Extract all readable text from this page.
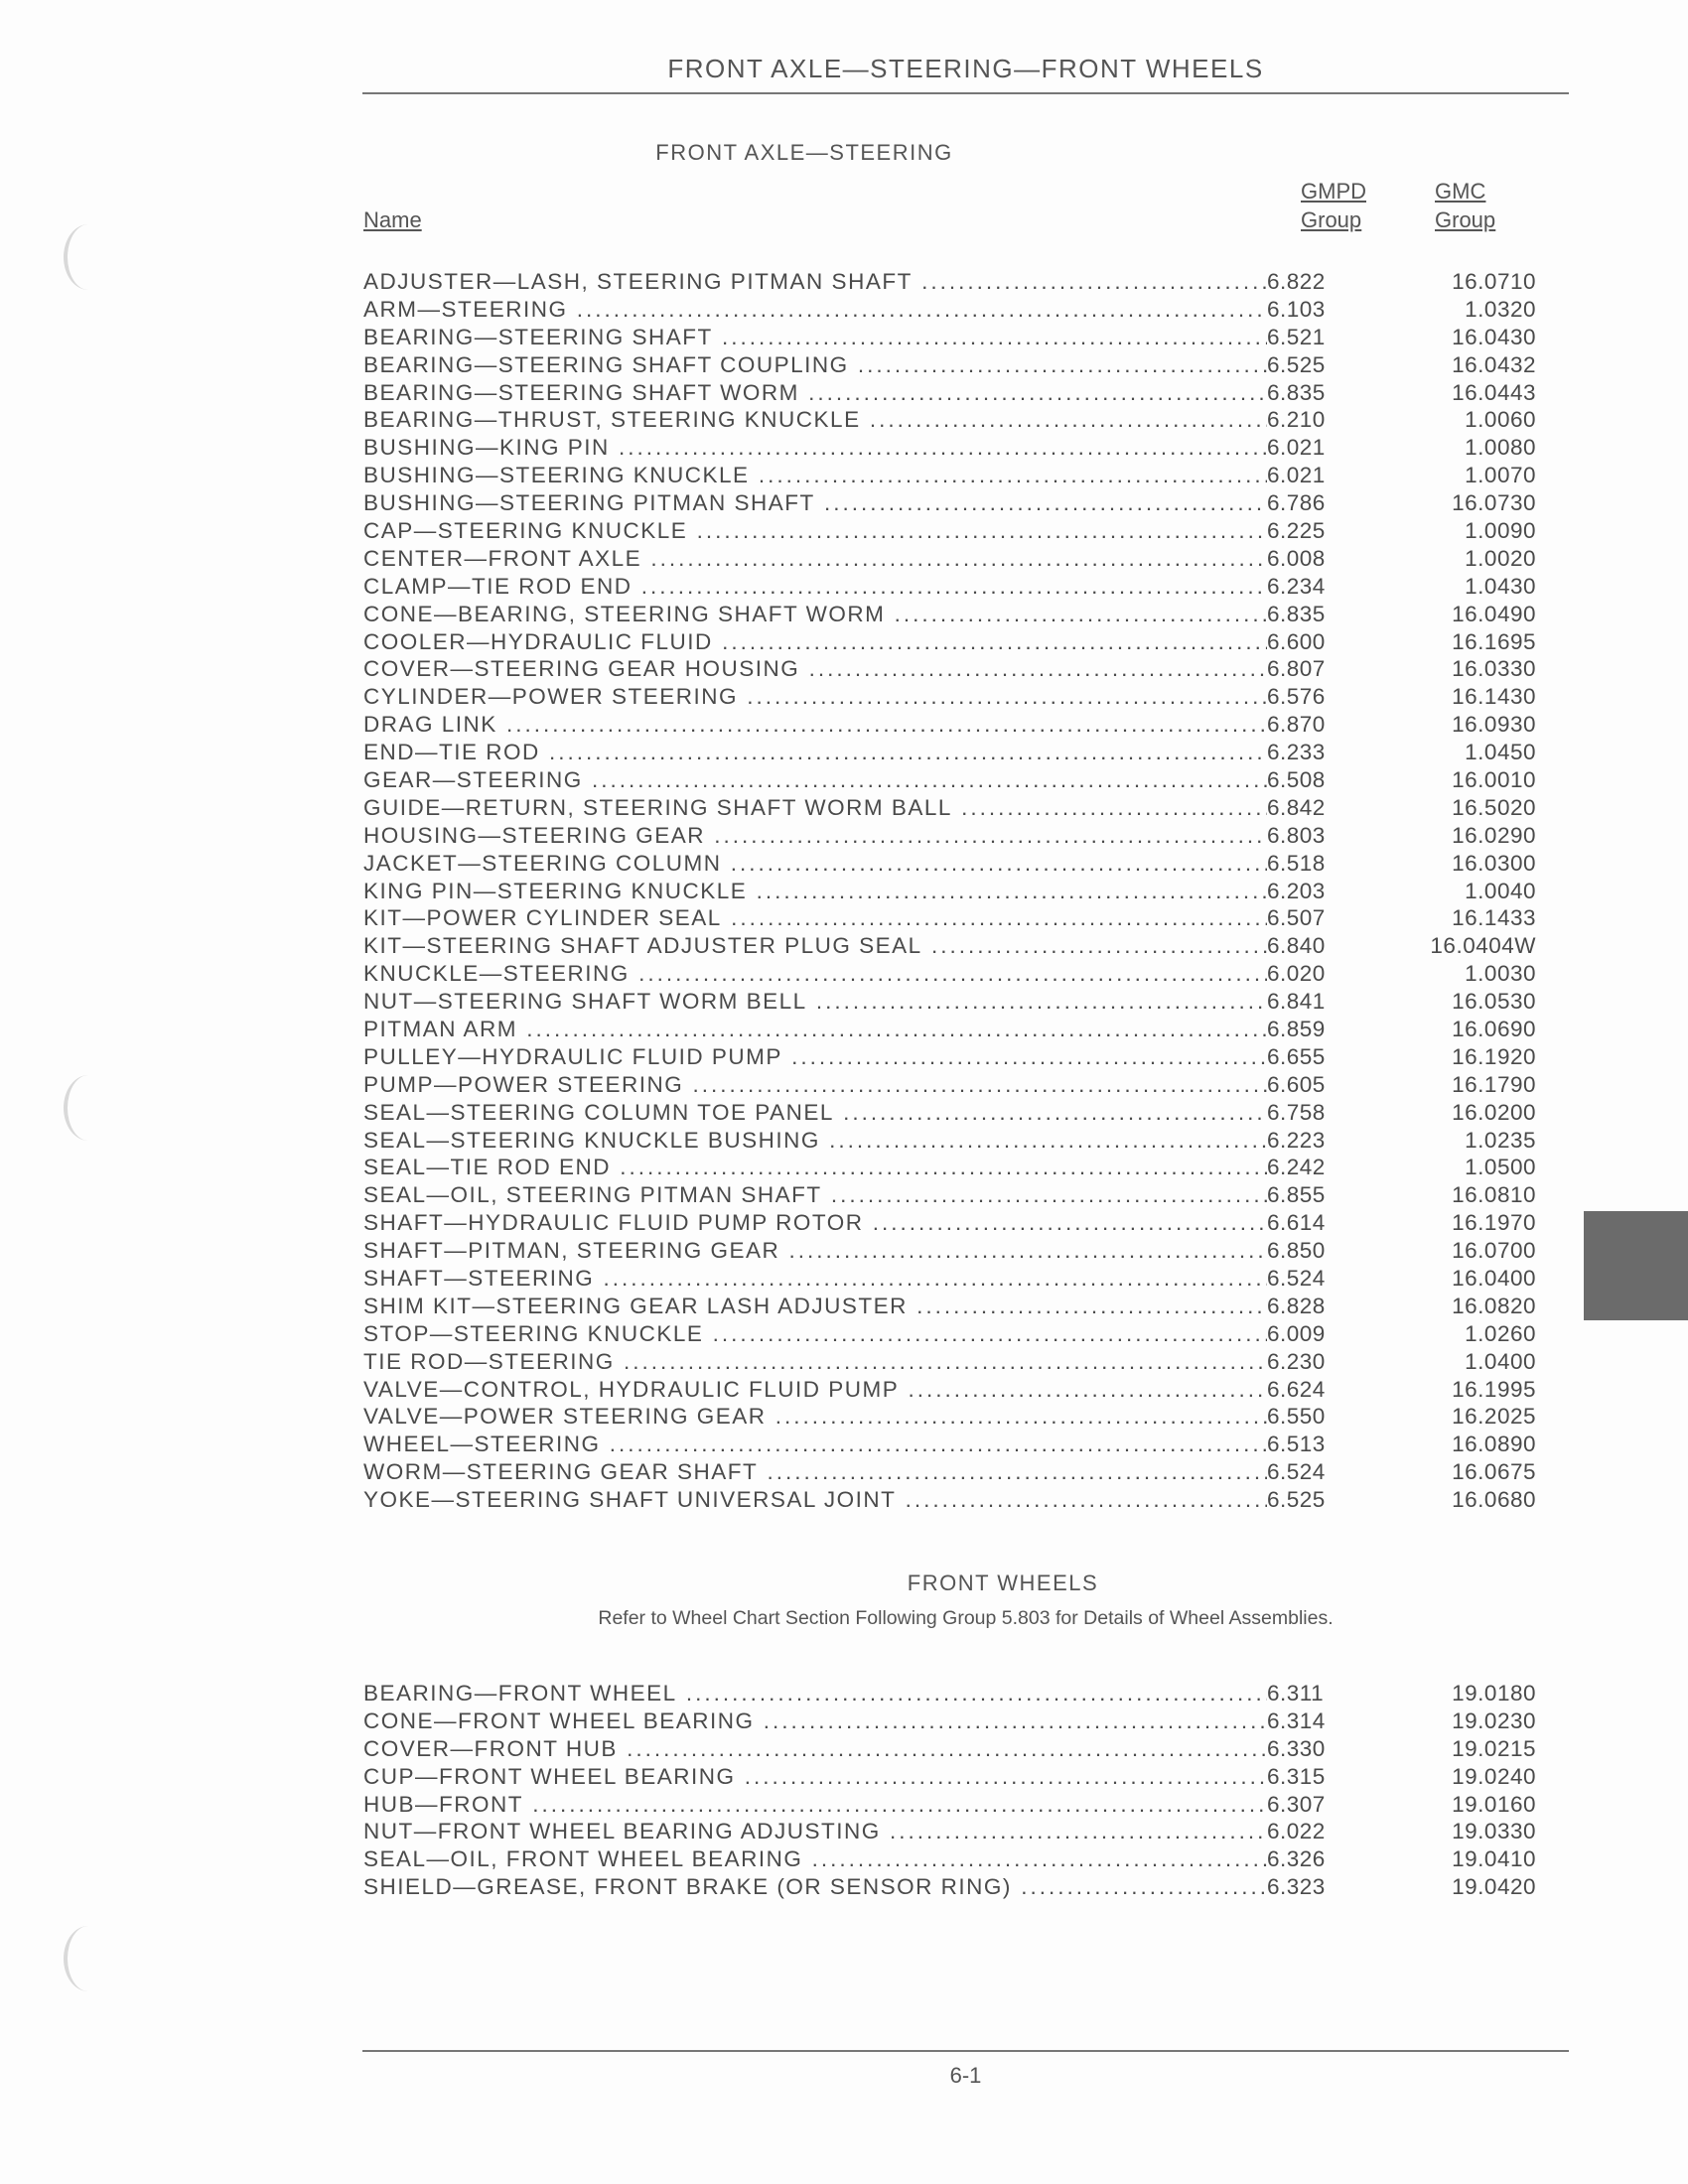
FRONT AXLE—STEERING—FRONT WHEELS
FRONT AXLE—STEERING
Name
GMPD
Group
GMC
Group
ADJUSTER—LASH, STEERING PITMAN SHAFT .....	6.822	16.0710
ARM—STEERING .....	6.103	1.0320
BEARING—STEERING SHAFT .....	6.521	16.0430
BEARING—STEERING SHAFT COUPLING .....	6.525	16.0432
BEARING—STEERING SHAFT WORM .....	6.835	16.0443
BEARING—THRUST, STEERING KNUCKLE .....	6.210	1.0060
BUSHING—KING PIN .....	6.021	1.0080
BUSHING—STEERING KNUCKLE .....	6.021	1.0070
BUSHING—STEERING PITMAN SHAFT .....	6.786	16.0730
CAP—STEERING KNUCKLE .....	6.225	1.0090
CENTER—FRONT AXLE .....	6.008	1.0020
CLAMP—TIE ROD END .....	6.234	1.0430
CONE—BEARING, STEERING SHAFT WORM .....	6.835	16.0490
COOLER—HYDRAULIC FLUID .....	6.600	16.1695
COVER—STEERING GEAR HOUSING .....	6.807	16.0330
CYLINDER—POWER STEERING .....	6.576	16.1430
DRAG LINK .....	6.870	16.0930
END—TIE ROD .....	6.233	1.0450
GEAR—STEERING .....	6.508	16.0010
GUIDE—RETURN, STEERING SHAFT WORM BALL .....	6.842	16.5020
HOUSING—STEERING GEAR .....	6.803	16.0290
JACKET—STEERING COLUMN .....	6.518	16.0300
KING PIN—STEERING KNUCKLE .....	6.203	1.0040
KIT—POWER CYLINDER SEAL .....	6.507	16.1433
KIT—STEERING SHAFT ADJUSTER PLUG SEAL .....	6.840	16.0404W
KNUCKLE—STEERING .....	6.020	1.0030
NUT—STEERING SHAFT WORM BELL .....	6.841	16.0530
PITMAN ARM .....	6.859	16.0690
PULLEY—HYDRAULIC FLUID PUMP .....	6.655	16.1920
PUMP—POWER STEERING .....	6.605	16.1790
SEAL—STEERING COLUMN TOE PANEL .....	6.758	16.0200
SEAL—STEERING KNUCKLE BUSHING .....	6.223	1.0235
SEAL—TIE ROD END .....	6.242	1.0500
SEAL—OIL, STEERING PITMAN SHAFT .....	6.855	16.0810
SHAFT—HYDRAULIC FLUID PUMP ROTOR .....	6.614	16.1970
SHAFT—PITMAN, STEERING GEAR .....	6.850	16.0700
SHAFT—STEERING .....	6.524	16.0400
SHIM KIT—STEERING GEAR LASH ADJUSTER .....	6.828	16.0820
STOP—STEERING KNUCKLE .....	6.009	1.0260
TIE ROD—STEERING .....	6.230	1.0400
VALVE—CONTROL, HYDRAULIC FLUID PUMP .....	6.624	16.1995
VALVE—POWER STEERING GEAR .....	6.550	16.2025
WHEEL—STEERING .....	6.513	16.0890
WORM—STEERING GEAR SHAFT .....	6.524	16.0675
YOKE—STEERING SHAFT UNIVERSAL JOINT .....	6.525	16.0680
FRONT WHEELS
Refer to Wheel Chart Section Following Group 5.803 for Details of Wheel Assemblies.
BEARING—FRONT WHEEL .....	6.311	19.0180
CONE—FRONT WHEEL BEARING .....	6.314	19.0230
COVER—FRONT HUB .....	6.330	19.0215
CUP—FRONT WHEEL BEARING .....	6.315	19.0240
HUB—FRONT .....	6.307	19.0160
NUT—FRONT WHEEL BEARING ADJUSTING .....	6.022	19.0330
SEAL—OIL, FRONT WHEEL BEARING .....	6.326	19.0410
SHIELD—GREASE, FRONT BRAKE (OR SENSOR RING) .....	6.323	19.0420
6-1
